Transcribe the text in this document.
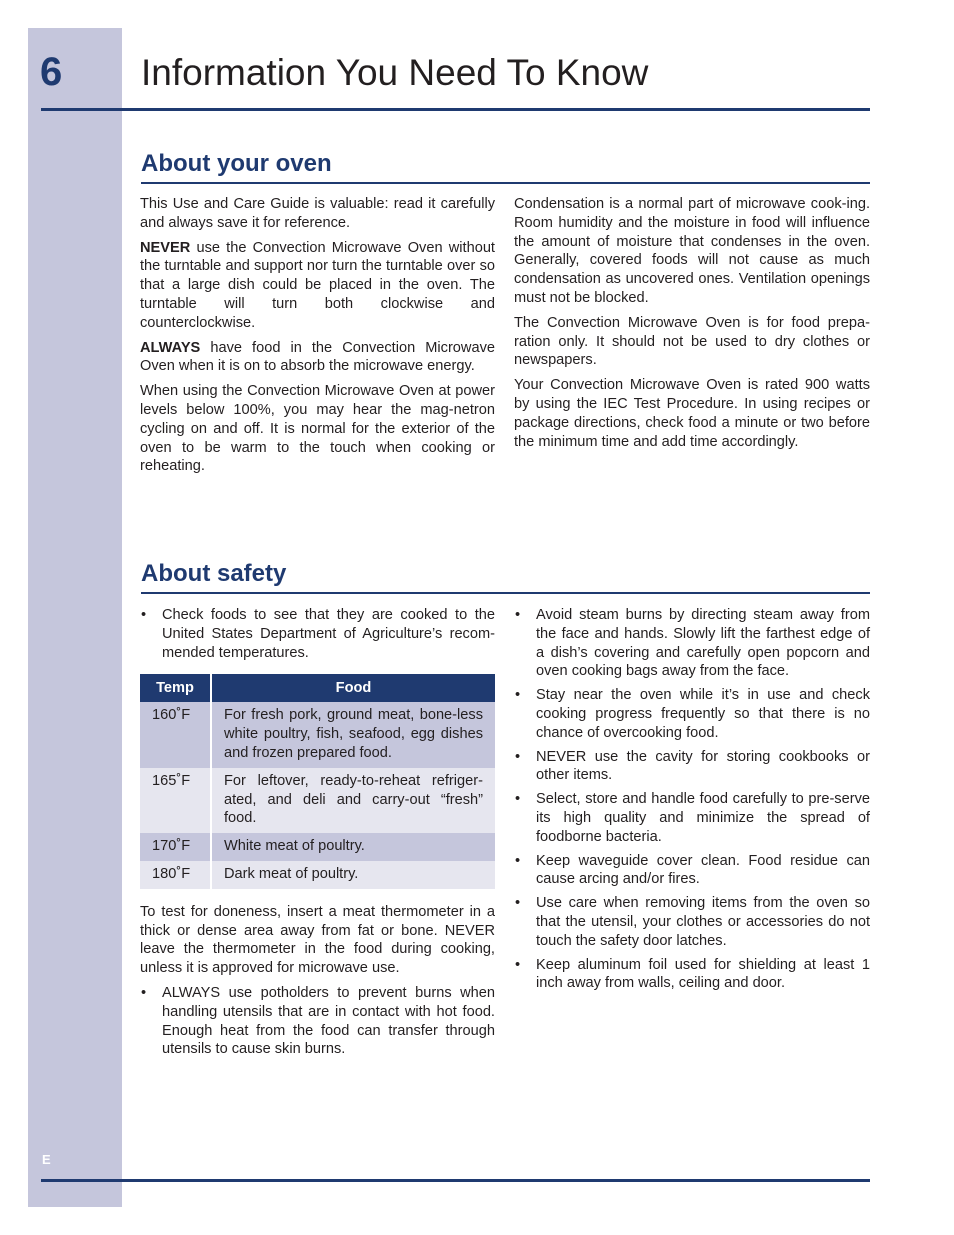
6 Information You Need To Know
About your oven

This Use and Care Guide is valuable: read it carefully and always save it for reference.

NEVER use the Convection Microwave Oven without the turntable and support nor turn the turntable over so that a large dish could be placed in the oven. The turntable will turn both clockwise and counterclockwise.

ALWAYS have food in the Convection Microwave Oven when it is on to absorb the microwave energy.

When using the Convection Microwave Oven at power levels below 100%, you may hear the mag-netron cycling on and off. It is normal for the exterior of the oven to be warm to the touch when cooking or reheating.

Condensation is a normal part of microwave cook-ing. Room humidity and the moisture in food will influence the amount of moisture that condenses in the oven. Generally, covered foods will not cause as much condensation as uncovered ones. Ventilation openings must not be blocked.

The Convection Microwave Oven is for food prepa-ration only. It should not be used to dry clothes or newspapers.

Your Convection Microwave Oven is rated 900 watts by using the IEC Test Procedure. In using recipes or package directions, check food a minute or two before the minimum time and add time accordingly.

About safety
• Check foods to see that they are cooked to the United States Department of Agriculture’s recom-mended temperatures.
Temp	Food
160˚F	For fresh pork, ground meat, bone-less white poultry, fish, seafood, egg dishes and frozen prepared food.
165˚F	For leftover, ready-to-reheat refriger-ated, and deli and carry-out “fresh” food.
170˚F	White meat of poultry.
180˚F	Dark meat of poultry.

To test for doneness, insert a meat thermometer in a thick or dense area away from fat or bone. NEVER leave the thermometer in the food during cooking, unless it is approved for microwave use.

• ALWAYS use potholders to prevent burns when handling utensils that are in contact with hot food. Enough heat from the food can transfer through utensils to cause skin burns.
• Avoid steam burns by directing steam away from the face and hands. Slowly lift the farthest edge of a dish’s covering and carefully open popcorn and oven cooking bags away from the face.
• Stay near the oven while it’s in use and check cooking progress frequently so that there is no chance of overcooking food.
• NEVER use the cavity for storing cookbooks or other items.
• Select, store and handle food carefully to pre-serve its high quality and minimize the spread of foodborne bacteria.
• Keep waveguide cover clean. Food residue can cause arcing and/or fires.
• Use care when removing items from the oven so that the utensil, your clothes or accessories do not touch the safety door latches.
• Keep aluminum foil used for shielding at least 1 inch away from walls, ceiling and door.
E
